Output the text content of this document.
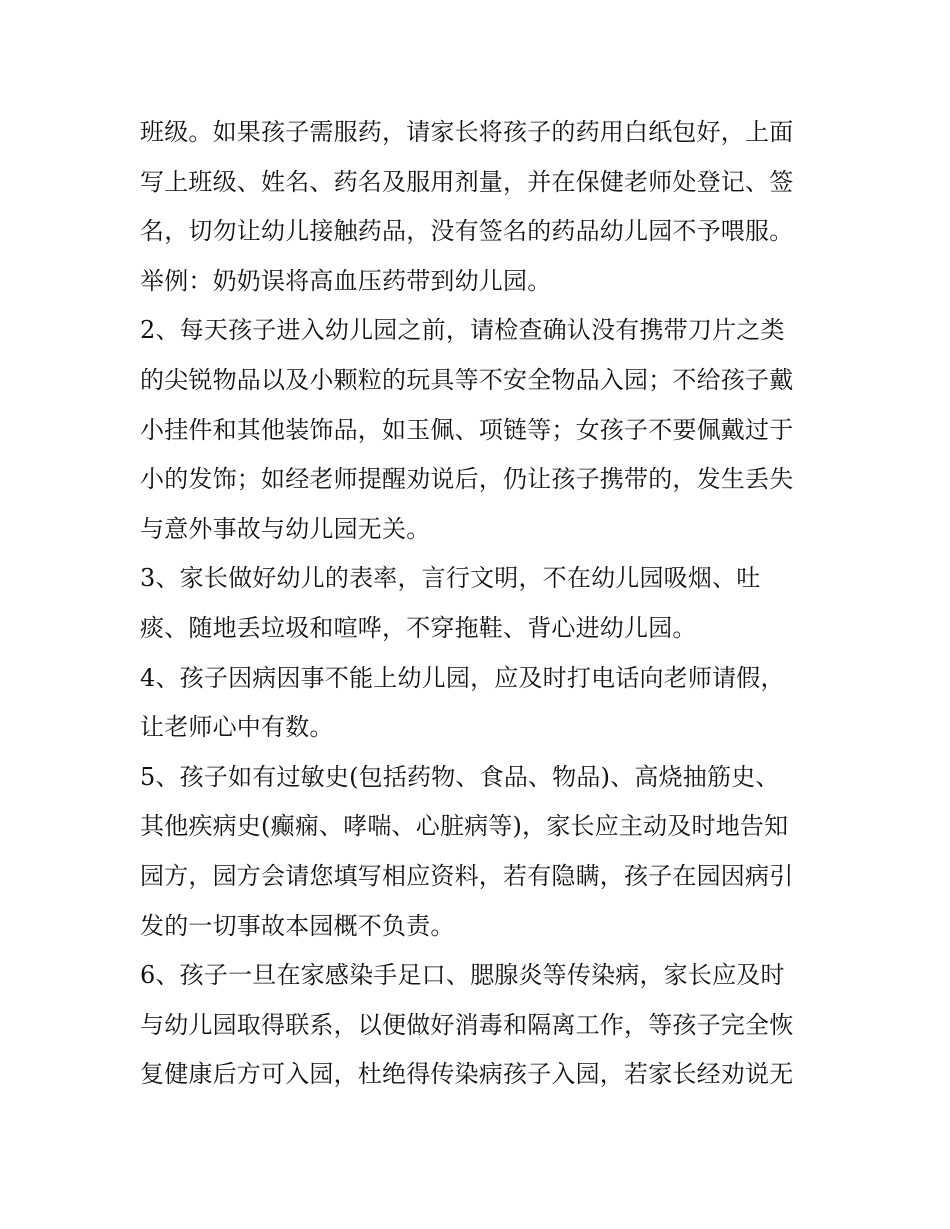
班级。如果孩子需服药，请家长将孩子的药用白纸包好，上面
写上班级、姓名、药名及服用剂量，并在保健老师处登记、签
名，切勿让幼儿接触药品，没有签名的药品幼儿园不予喂服。
举例：奶奶误将高血压药带到幼儿园。
2、每天孩子进入幼儿园之前，请检查确认没有携带刀片之类
的尖锐物品以及小颗粒的玩具等不安全物品入园；不给孩子戴
小挂件和其他装饰品，如玉佩、项链等；女孩子不要佩戴过于
小的发饰；如经老师提醒劝说后，仍让孩子携带的，发生丢失
与意外事故与幼儿园无关。
3、家长做好幼儿的表率，言行文明，不在幼儿园吸烟、吐
痰、随地丢垃圾和喧哗，不穿拖鞋、背心进幼儿园。
4、孩子因病因事不能上幼儿园，应及时打电话向老师请假，
让老师心中有数。
5、孩子如有过敏史(包括药物、食品、物品)、高烧抽筋史、
其他疾病史(癫痫、哮喘、心脏病等)，家长应主动及时地告知
园方，园方会请您填写相应资料，若有隐瞒，孩子在园因病引
发的一切事故本园概不负责。
6、孩子一旦在家感染手足口、腮腺炎等传染病，家长应及时
与幼儿园取得联系，以便做好消毒和隔离工作，等孩子完全恢
复健康后方可入园，杜绝得传染病孩子入园，若家长经劝说无
